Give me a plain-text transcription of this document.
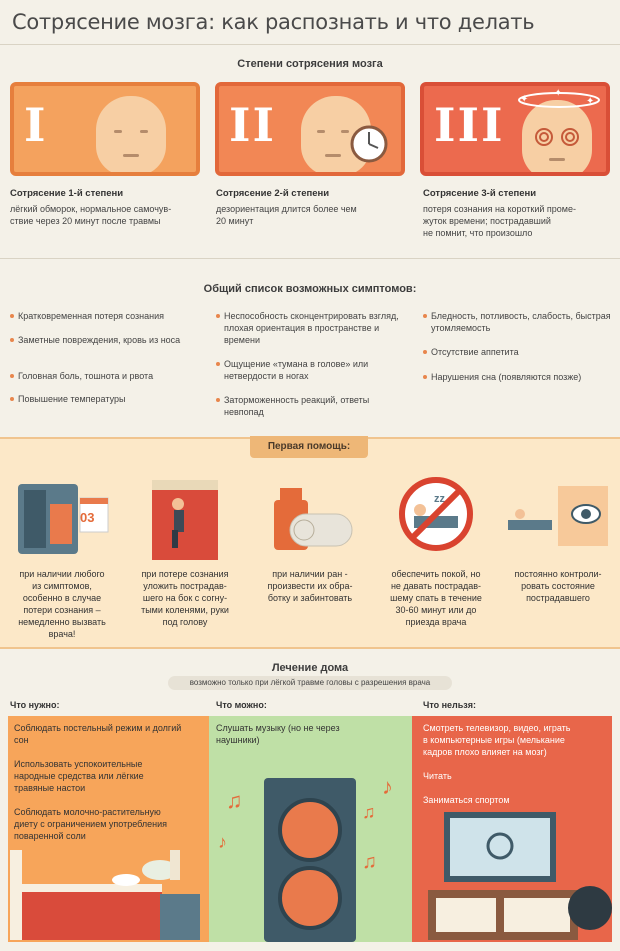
Сотрясение мозга: как распознать и что делать
Степени сотрясения мозга
I	II	III ✦
✦
✦
Сотрясение 1-й степени
лёгкий обморок, нормальное самочув-
ствие через 20 минут после травмы
Сотрясение 2-й степени
дезориентация длится более чем
20 минут
Сотрясение 3-й степени
потеря сознания на короткий проме-
жуток времени; пострадавший
не помнит, что произошло
Общий список возможных симптомов:
Кратковременная потеря сознания
Заметные повреждения, кровь из носа
Головная боль, тошнота и рвота
Повышение температуры
Неспособность сконцентрировать взгляд, плохая ориентация в пространстве и времени
Ощущение «тумана в голове» или нетвердости в ногах
Заторможенность реакций, ответы невпопад
Бледность, потливость, слабость, быстрая утомляемость
Отсутствие аппетита
Нарушения сна (появляются позже)
Первая помощь:
03
zz
при наличии любого
из симптомов,
особенно в случае
потери сознания –
немедленно вызвать
врача!
при потере сознания
уложить пострадав-
шего на бок с согну-
тыми коленями, руки
под голову
при наличии ран -
произвести их обра-
ботку и забинтовать
обеспечить покой, но
не давать пострадав-
шему спать в течение
30-60 минут или до
приезда врача
постоянно контроли-
ровать состояние
пострадавшего
Лечение дома
возможно только при лёгкой травме головы с разрешения врача
Что нужно:	Что можно:	Что нельзя:
Соблюдать постельный режим и долгий
сон
Использовать успокоительные
народные средства или лёгкие
травяные настои
Соблюдать молочно-растительную
диету с ограничением употребления
поваренной соли
Слушать музыку (но не через
наушники)
Смотреть телевизор, видео, играть
в компьютерные игры (мелькание
кадров плохо влияет на мозг)
Читать
Заниматься спортом
♫
♪
♫
♪
♫
